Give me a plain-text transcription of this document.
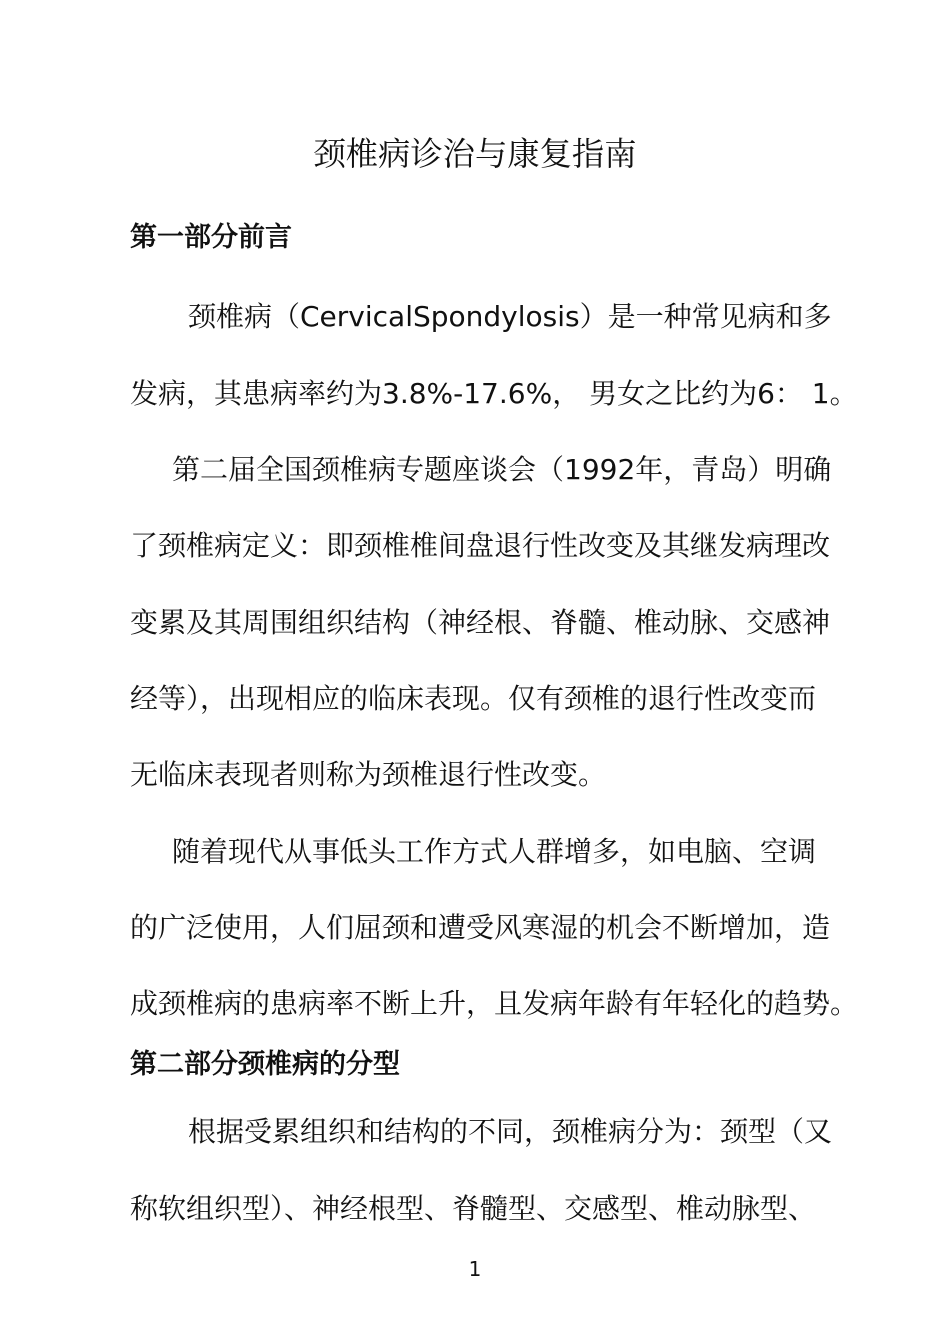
颈椎病诊治与康复指南
第一部分前言
颈椎病（CervicalSpondylosis）是一种常见病和多
发病，其患病率约为3.8%-17.6%， 男女之比约为6： 1。
第二届全国颈椎病专题座谈会（1992年，青岛）明确
了颈椎病定义：即颈椎椎间盘退行性改变及其继发病理改
变累及其周围组织结构（神经根、脊髓、椎动脉、交感神
经等），出现相应的临床表现。仅有颈椎的退行性改变而
无临床表现者则称为颈椎退行性改变。
随着现代从事低头工作方式人群增多，如电脑、空调
的广泛使用，人们屈颈和遭受风寒湿的机会不断增加，造
成颈椎病的患病率不断上升，且发病年龄有年轻化的趋势。
第二部分颈椎病的分型
根据受累组织和结构的不同，颈椎病分为：颈型（又
称软组织型）、神经根型、脊髓型、交感型、椎动脉型、
1
